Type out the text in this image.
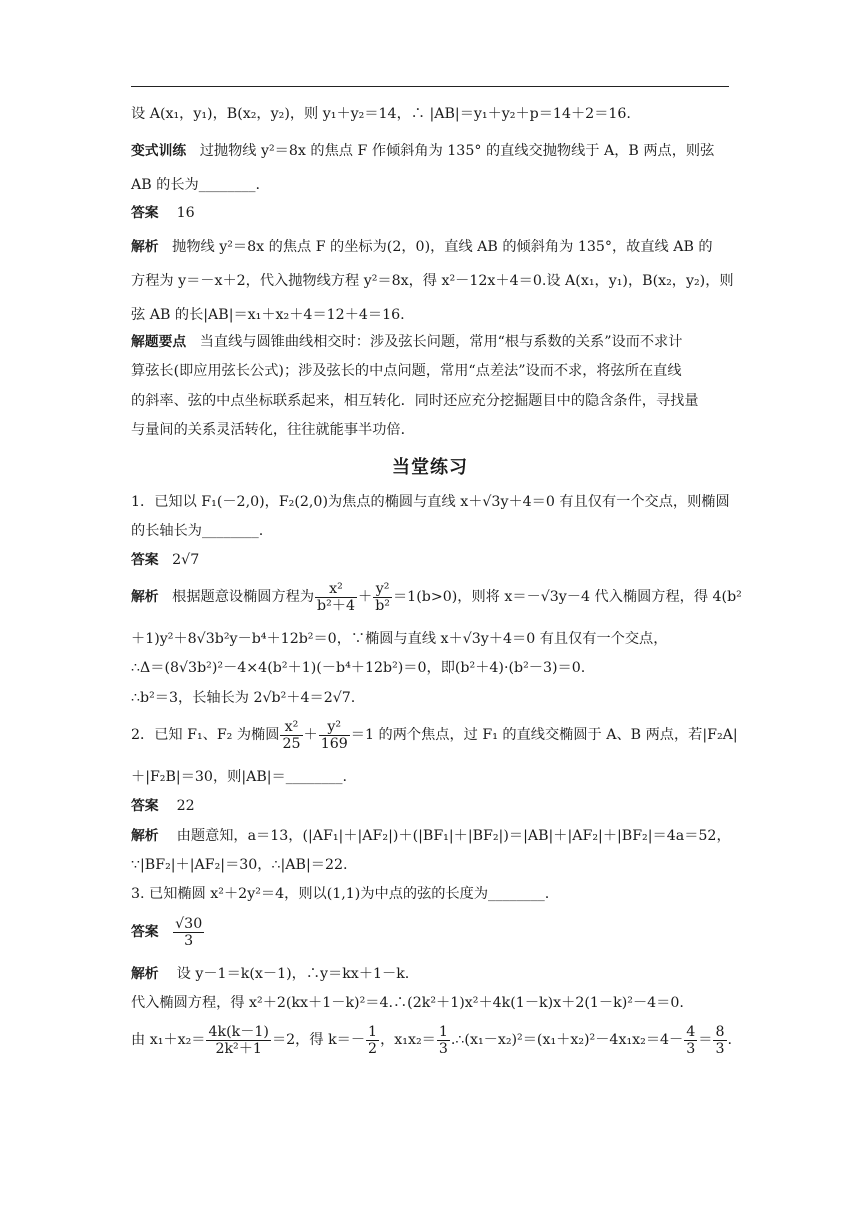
设 A(x₁，y₁)，B(x₂，y₂)，则 y₁＋y₂＝14，∴ |AB|＝y₁＋y₂＋p＝14＋2＝16.
变式训练 过抛物线 y²＝8x 的焦点 F 作倾斜角为 135° 的直线交抛物线于 A，B 两点，则弦
AB 的长为________.
答案 16
解析 抛物线 y²＝8x 的焦点 F 的坐标为(2，0)，直线 AB 的倾斜角为 135°，故直线 AB 的
方程为 y＝－x＋2，代入抛物线方程 y²＝8x，得 x²－12x＋4＝0.设 A(x₁，y₁)，B(x₂，y₂)，则
弦 AB 的长|AB|＝x₁＋x₂＋4＝12＋4＝16.
解题要点 当直线与圆锥曲线相交时：涉及弦长问题，常用“根与系数的关系”设而不求计
算弦长(即应用弦长公式)；涉及弦长的中点问题，常用“点差法”设而不求，将弦所在直线
的斜率、弦的中点坐标联系起来，相互转化．同时还应充分挖掘题目中的隐含条件，寻找量
与量间的关系灵活转化，往往就能事半功倍．
当堂练习
1．已知以 F₁(－2,0)，F₂(2,0)为焦点的椭圆与直线 x＋√3y＋4＝0 有且仅有一个交点，则椭圆
的长轴长为________.
答案 2√7
解析 根据题意设椭圆方程为 $\frac{\text{x²}}{\text{b²＋4}} + \frac{\text{y²}}{\text{b²}} =1(b>0)$，则将 x＝－√3y－4 代入椭圆方程，得 4(b²
＋1)y²＋8√3b²y－b⁴＋12b²＝0，∵椭圆与直线 x＋√3y＋4＝0 有且仅有一个交点，
∴Δ＝(8√3b²)²－4×4(b²＋1)(－b⁴＋12b²)＝0，即(b²＋4)·(b²－3)＝0.
∴b²＝3，长轴长为 2√b²＋4＝2√7.
2．已知 F₁、F₂ 为椭圆 $\frac{\text{x²}}{25} + \frac{\text{y²}}{169} =1$ 的两个焦点，过 F₁ 的直线交椭圆于 A、B 两点，若|F₂A|
＋|F₂B|＝30，则|AB|＝________.
答案 22
解析 由题意知，a＝13，(|AF₁|＋|AF₂|)＋(|BF₁|＋|BF₂|)＝|AB|＋|AF₂|＋|BF₂|＝4a＝52，
∵|BF₂|＋|AF₂|＝30，∴|AB|＝22.
3. 已知椭圆 x²＋2y²＝4，则以(1,1)为中点的弦的长度为________.
答案 $\frac{√30}{3}$
解析 设 y－1＝k(x－1)，∴y＝kx＋1－k.
代入椭圆方程，得 x²＋2(kx＋1－k)²＝4.∴(2k²＋1)x²＋4k(1－k)x＋2(1－k)²－4＝0.
由 $x_1+x_2= \frac{4k(k-1)}{\text{2k²＋1}} =2$，得 $k=- \frac{1}{2}$ ，$x_1x_2= \frac{1}{3}$ .∴(x₁－x₂)²＝(x₁＋x₂)²－4x₁x₂＝4－ $\frac{4}{3} = \frac{8}{3}$ .
